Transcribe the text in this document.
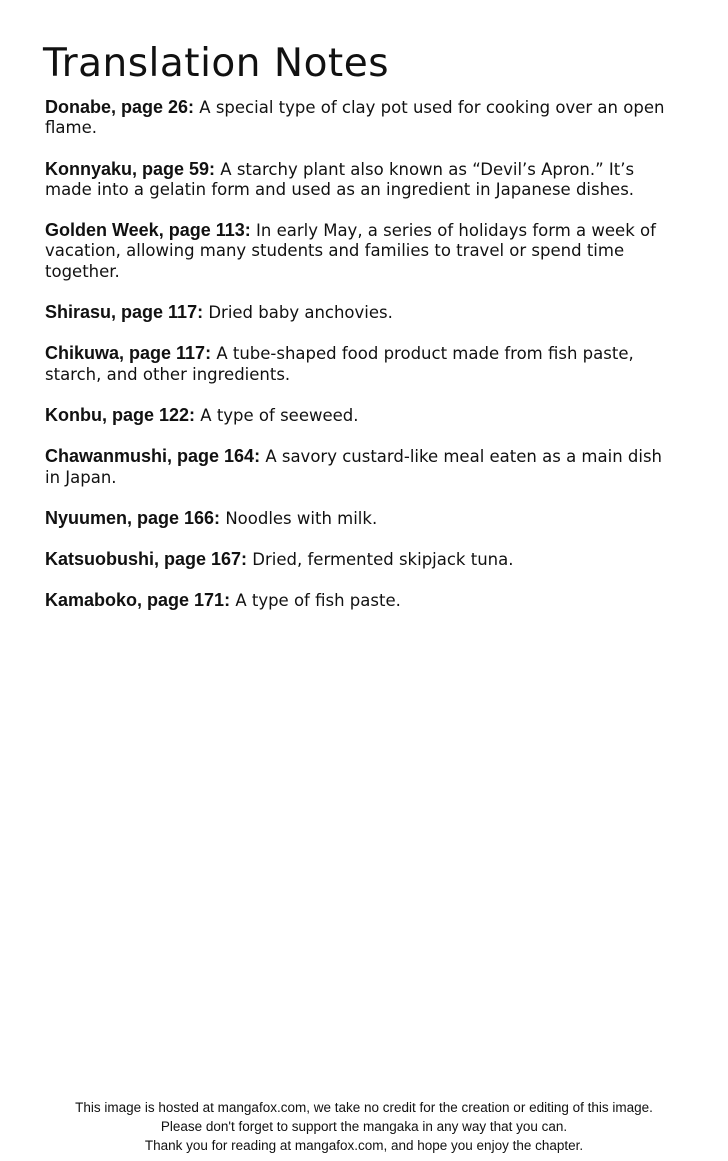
Translation Notes
Donabe, page 26: A special type of clay pot used for cooking over an open flame.
Konnyaku, page 59: A starchy plant also known as “Devil’s Apron.” It’s made into a gelatin form and used as an ingredient in Japanese dishes.
Golden Week, page 113: In early May, a series of holidays form a week of vacation, allowing many students and families to travel or spend time together.
Shirasu, page 117: Dried baby anchovies.
Chikuwa, page 117: A tube-shaped food product made from fish paste, starch, and other ingredients.
Konbu, page 122: A type of seeweed.
Chawanmushi, page 164: A savory custard-like meal eaten as a main dish in Japan.
Nyuumen, page 166: Noodles with milk.
Katsuobushi, page 167: Dried, fermented skipjack tuna.
Kamaboko, page 171: A type of fish paste.
This image is hosted at mangafox.com, we take no credit for the creation or editing of this image.
Please don't forget to support the mangaka in any way that you can.
Thank you for reading at mangafox.com, and hope you enjoy the chapter.
